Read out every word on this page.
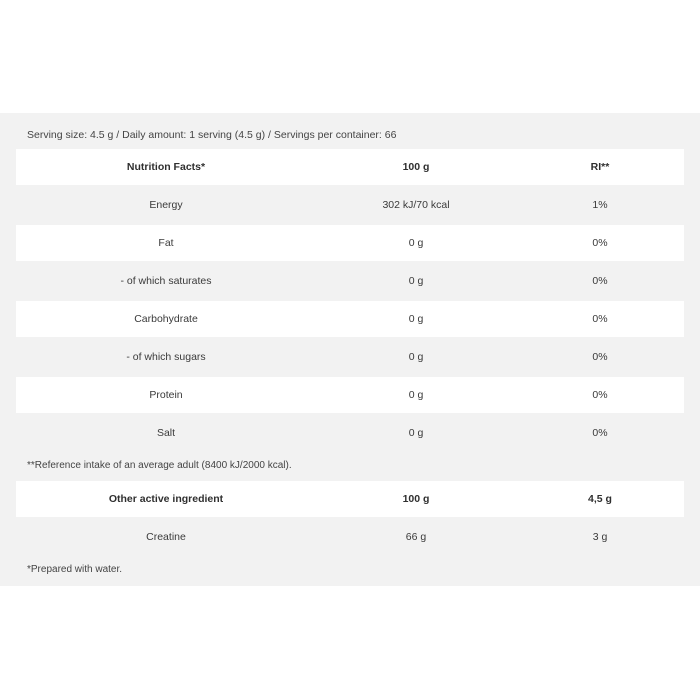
Serving size: 4.5 g / Daily amount: 1 serving (4.5 g) / Servings per container: 66
Nutrition Facts*	100 g	RI**
Energy	302 kJ/70 kcal	1%
Fat	0 g	0%
- of which saturates	0 g	0%
Carbohydrate	0 g	0%
- of which sugars	0 g	0%
Protein	0 g	0%
Salt	0 g	0%
**Reference intake of an average adult (8400 kJ/2000 kcal).
Other active ingredient	100 g	4,5 g
Creatine	66 g	3 g
*Prepared with water.
